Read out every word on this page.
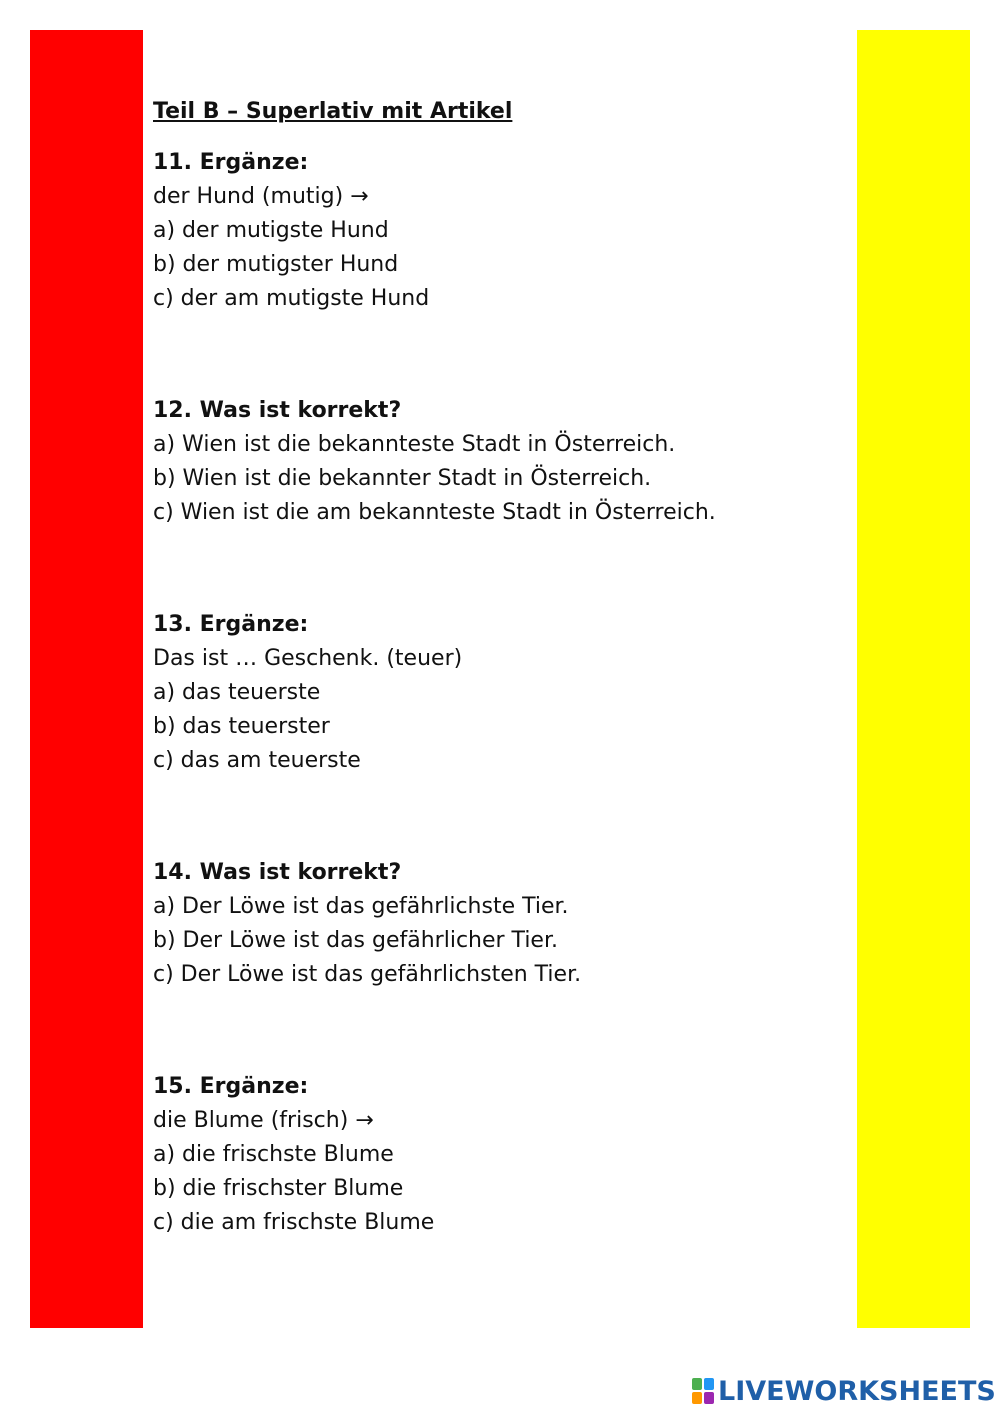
Teil B – Superlativ mit Artikel
11. Ergänze:
der Hund (mutig) →
a) der mutigste Hund
b) der mutigster Hund
c) der am mutigste Hund
12. Was ist korrekt?
a) Wien ist die bekannteste Stadt in Österreich.
b) Wien ist die bekannter Stadt in Österreich.
c) Wien ist die am bekannteste Stadt in Österreich.
13. Ergänze:
Das ist … Geschenk. (teuer)
a) das teuerste
b) das teuerster
c) das am teuerste
14. Was ist korrekt?
a) Der Löwe ist das gefährlichste Tier.
b) Der Löwe ist das gefährlicher Tier.
c) Der Löwe ist das gefährlichsten Tier.
15. Ergänze:
die Blume (frisch) →
a) die frischste Blume
b) die frischster Blume
c) die am frischste Blume
LIVEWORKSHEETS
